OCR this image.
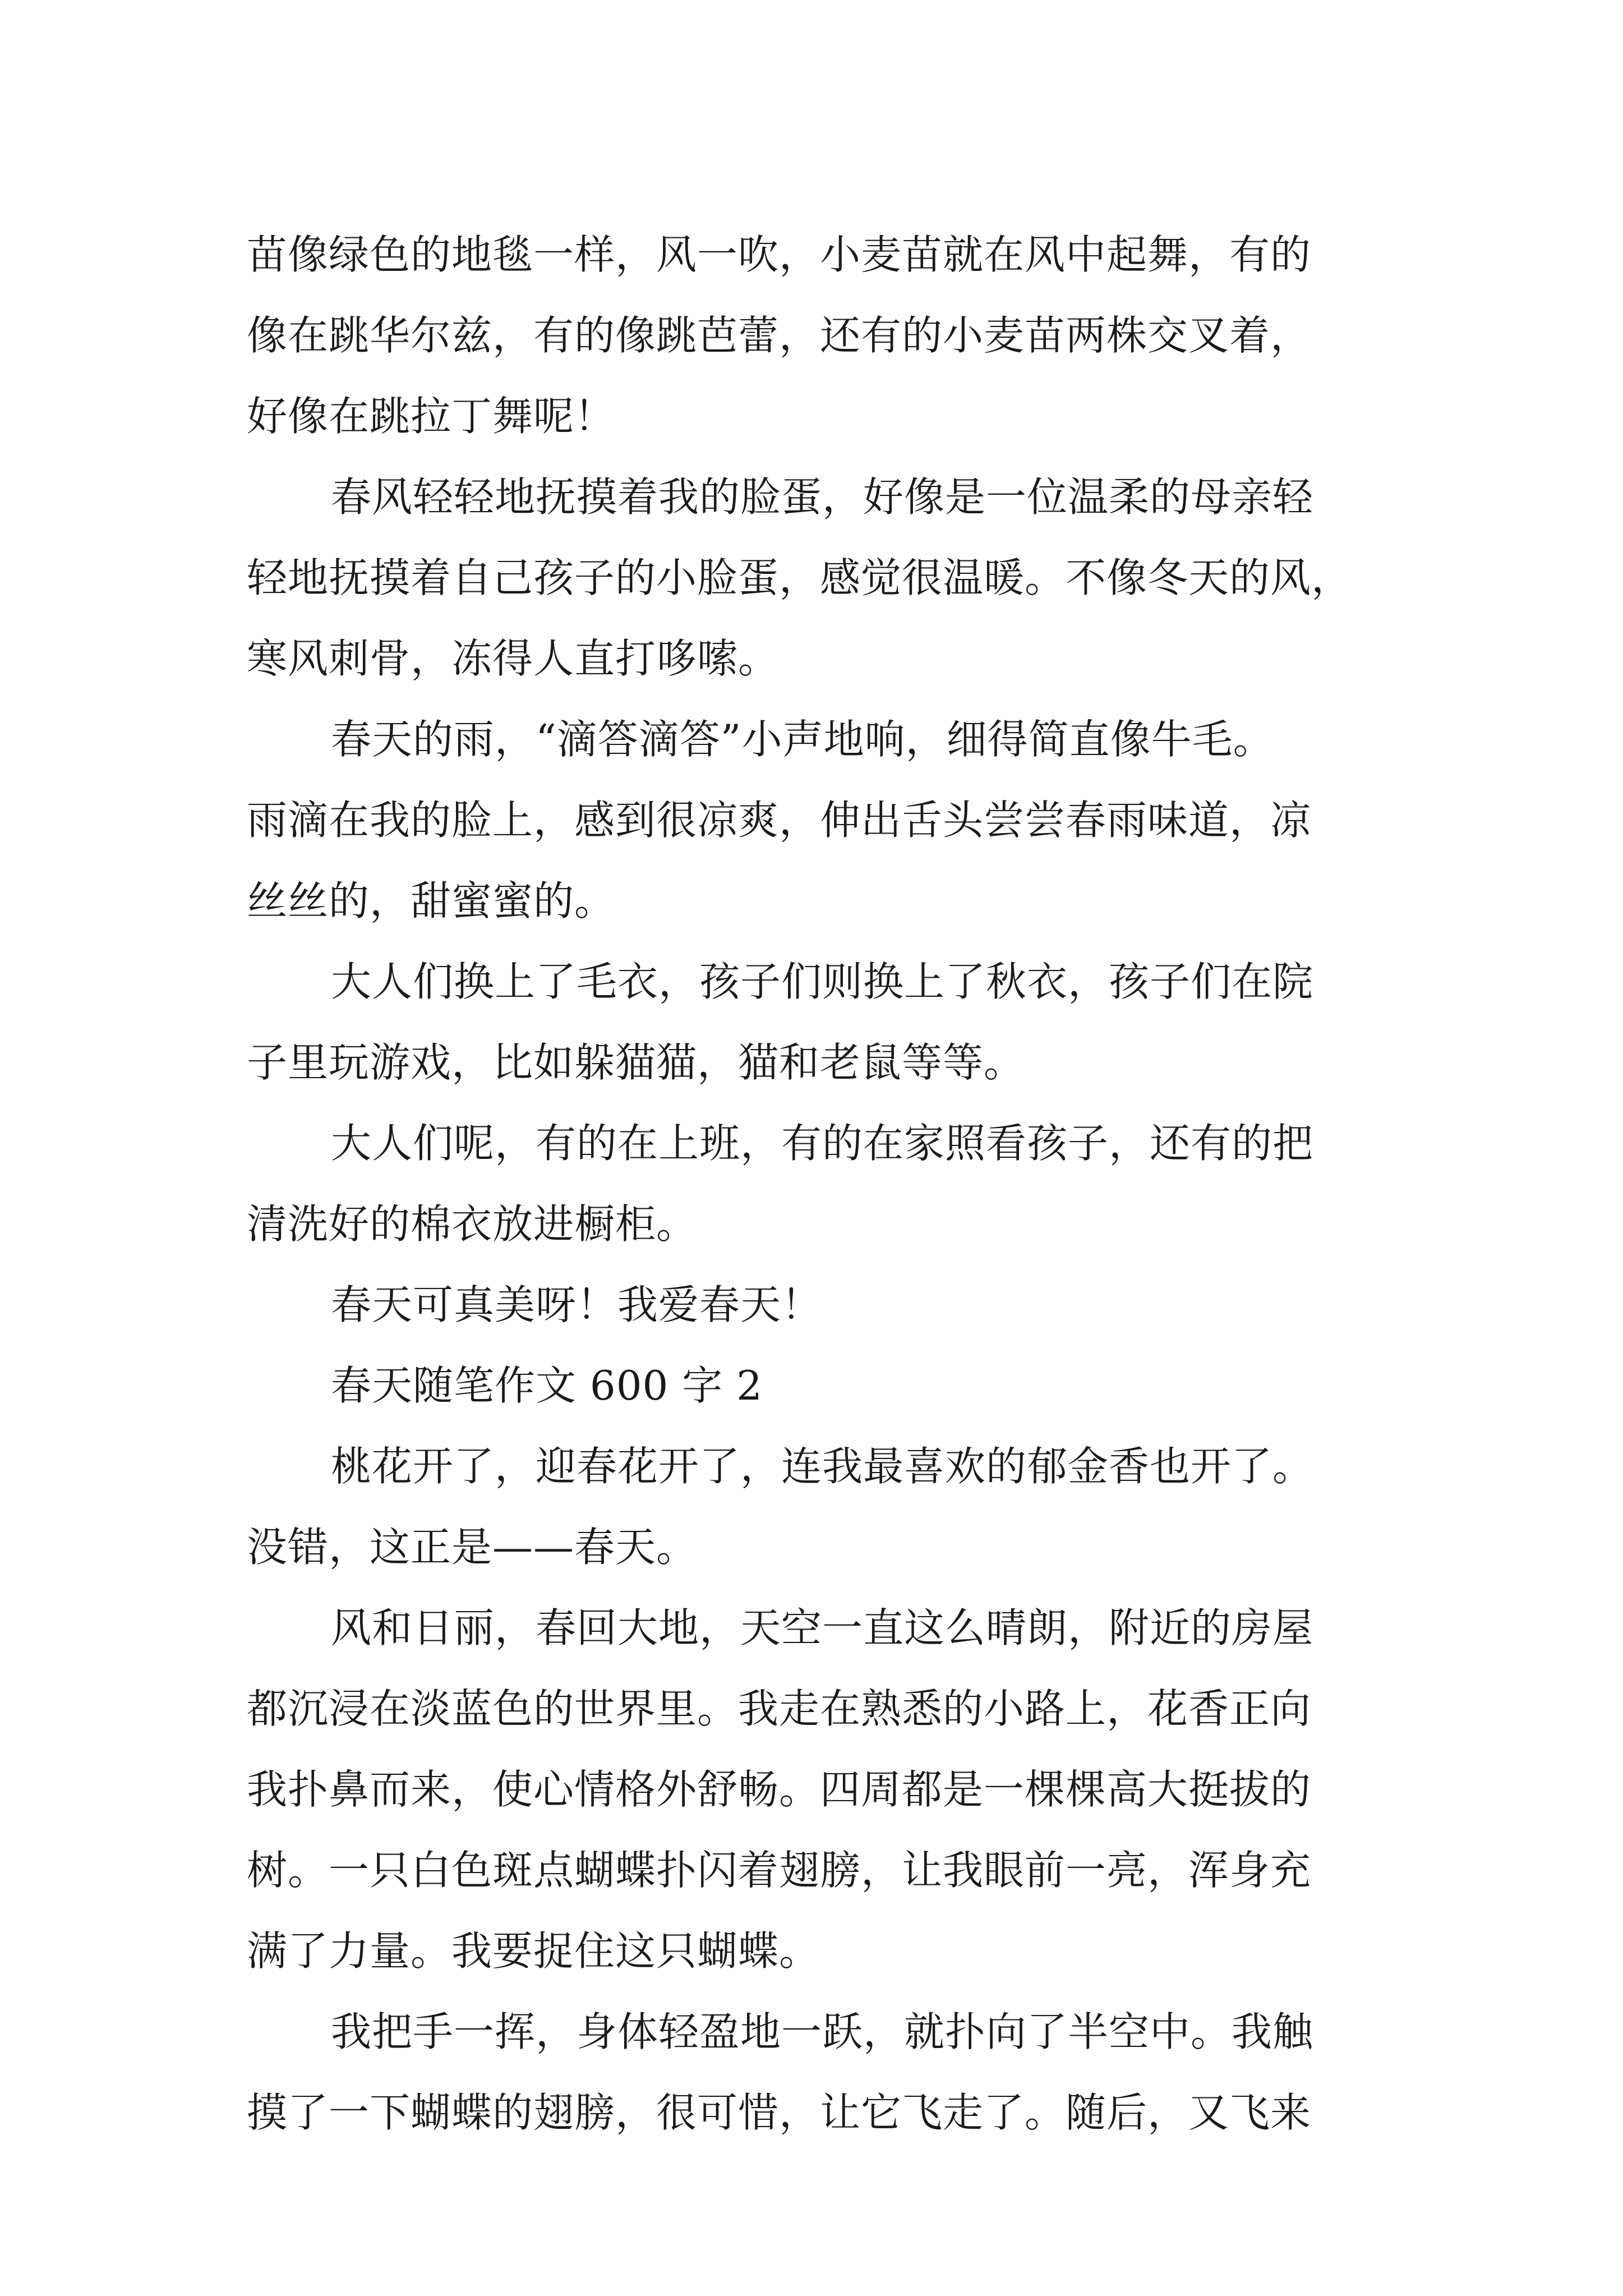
苗像绿色的地毯一样，风一吹，小麦苗就在风中起舞，有的
像在跳华尔兹，有的像跳芭蕾，还有的小麦苗两株交叉着，
好像在跳拉丁舞呢！
春风轻轻地抚摸着我的脸蛋，好像是一位温柔的母亲轻
轻地抚摸着自己孩子的小脸蛋，感觉很温暖。不像冬天的风，
寒风刺骨，冻得人直打哆嗦。
春天的雨，“滴答滴答”小声地响，细得简直像牛毛。
雨滴在我的脸上，感到很凉爽，伸出舌头尝尝春雨味道，凉
丝丝的，甜蜜蜜的。
大人们换上了毛衣，孩子们则换上了秋衣，孩子们在院
子里玩游戏，比如躲猫猫，猫和老鼠等等。
大人们呢，有的在上班，有的在家照看孩子，还有的把
清洗好的棉衣放进橱柜。
春天可真美呀！我爱春天！
春天随笔作文 600 字 2
桃花开了，迎春花开了，连我最喜欢的郁金香也开了。
没错，这正是——春天。
风和日丽，春回大地，天空一直这么晴朗，附近的房屋
都沉浸在淡蓝色的世界里。我走在熟悉的小路上，花香正向
我扑鼻而来，使心情格外舒畅。四周都是一棵棵高大挺拔的
树。一只白色斑点蝴蝶扑闪着翅膀，让我眼前一亮，浑身充
满了力量。我要捉住这只蝴蝶。
我把手一挥，身体轻盈地一跃，就扑向了半空中。我触
摸了一下蝴蝶的翅膀，很可惜，让它飞走了。随后，又飞来
